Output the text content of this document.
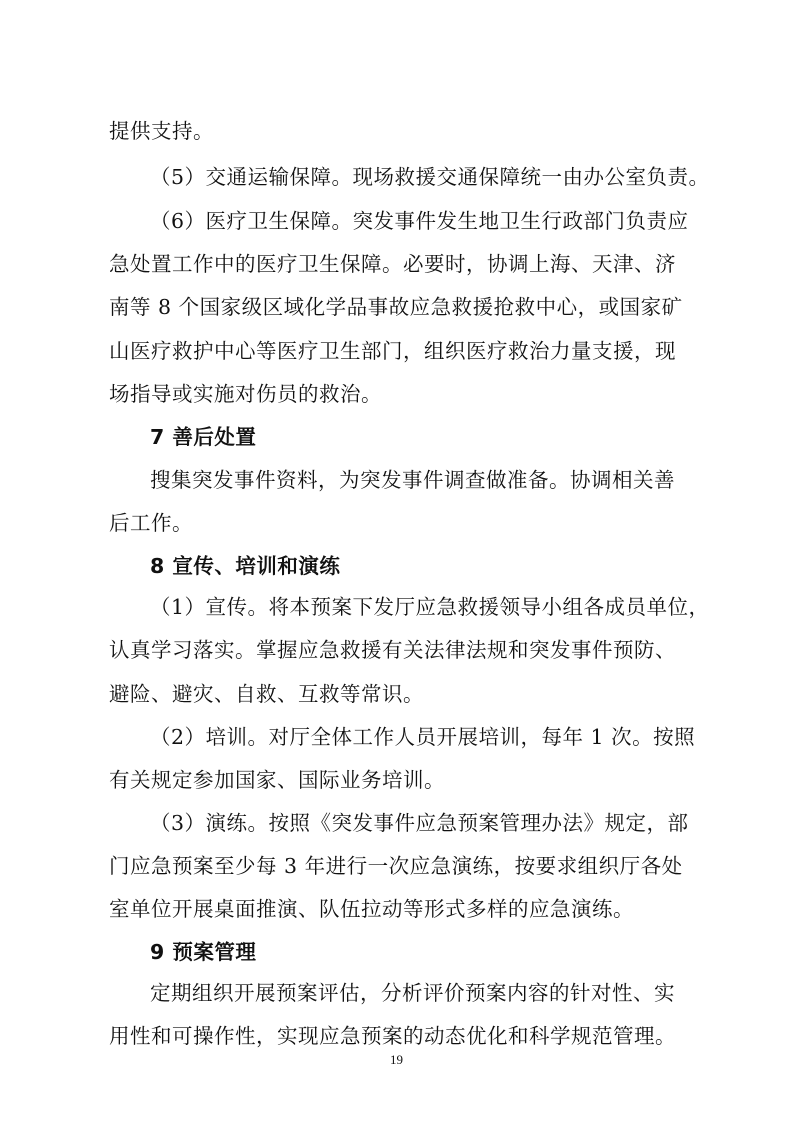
提供支持。
（5）交通运输保障。现场救援交通保障统一由办公室负责。
（6）医疗卫生保障。突发事件发生地卫生行政部门负责应
急处置工作中的医疗卫生保障。必要时，协调上海、天津、济
南等 8 个国家级区域化学品事故应急救援抢救中心，或国家矿
山医疗救护中心等医疗卫生部门，组织医疗救治力量支援，现
场指导或实施对伤员的救治。
7 善后处置
搜集突发事件资料，为突发事件调查做准备。协调相关善
后工作。
8 宣传、培训和演练
（1）宣传。将本预案下发厅应急救援领导小组各成员单位，
认真学习落实。掌握应急救援有关法律法规和突发事件预防、
避险、避灾、自救、互救等常识。
（2）培训。对厅全体工作人员开展培训，每年 1 次。按照
有关规定参加国家、国际业务培训。
（3）演练。按照《突发事件应急预案管理办法》规定，部
门应急预案至少每 3 年进行一次应急演练，按要求组织厅各处
室单位开展桌面推演、队伍拉动等形式多样的应急演练。
9 预案管理
定期组织开展预案评估，分析评价预案内容的针对性、实
用性和可操作性，实现应急预案的动态优化和科学规范管理。
19
